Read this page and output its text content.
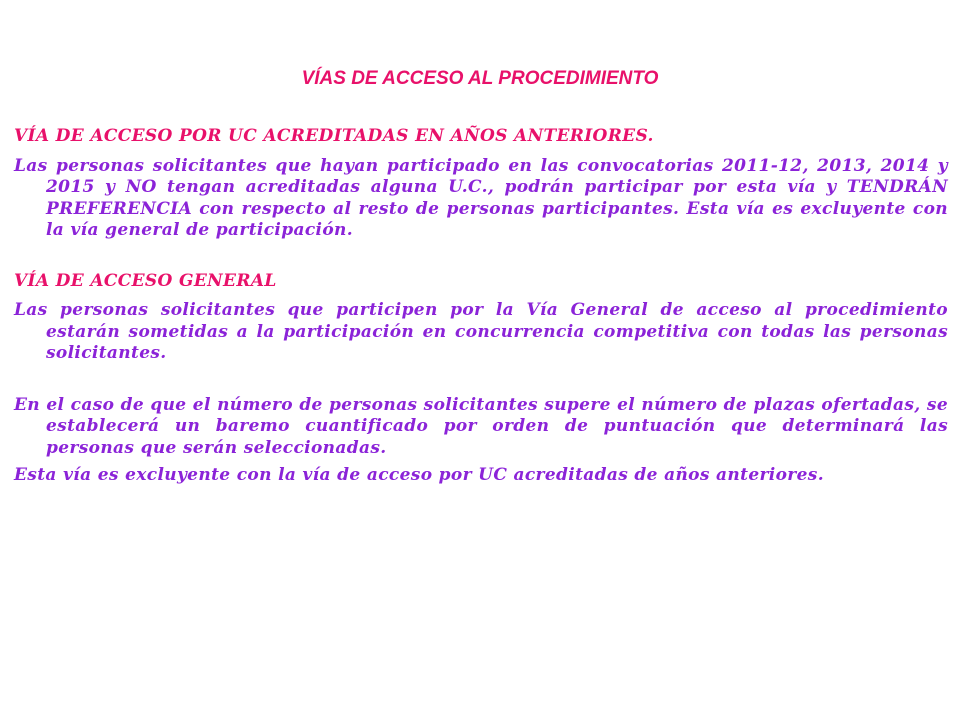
VÍAS DE ACCESO AL PROCEDIMIENTO

VÍA DE ACCESO POR UC ACREDITADAS EN AÑOS ANTERIORES.

Las personas solicitantes que hayan participado en las convocatorias 2011-12, 2013, 2014 y 2015 y NO tengan acreditadas alguna U.C., podrán participar por esta vía y TENDRÁN PREFERENCIA con respecto al resto de personas participantes. Esta vía es excluyente con la vía general de participación.

VÍA DE ACCESO GENERAL

Las personas solicitantes que participen por la Vía General de acceso al procedimiento estarán sometidas a la participación en concurrencia competitiva con todas las personas solicitantes.

En el caso de que el número de personas solicitantes supere el número de plazas ofertadas, se establecerá un baremo cuantificado por orden de puntuación que determinará las personas que serán seleccionadas.

Esta vía es excluyente con la vía de acceso por UC acreditadas de años anteriores.
